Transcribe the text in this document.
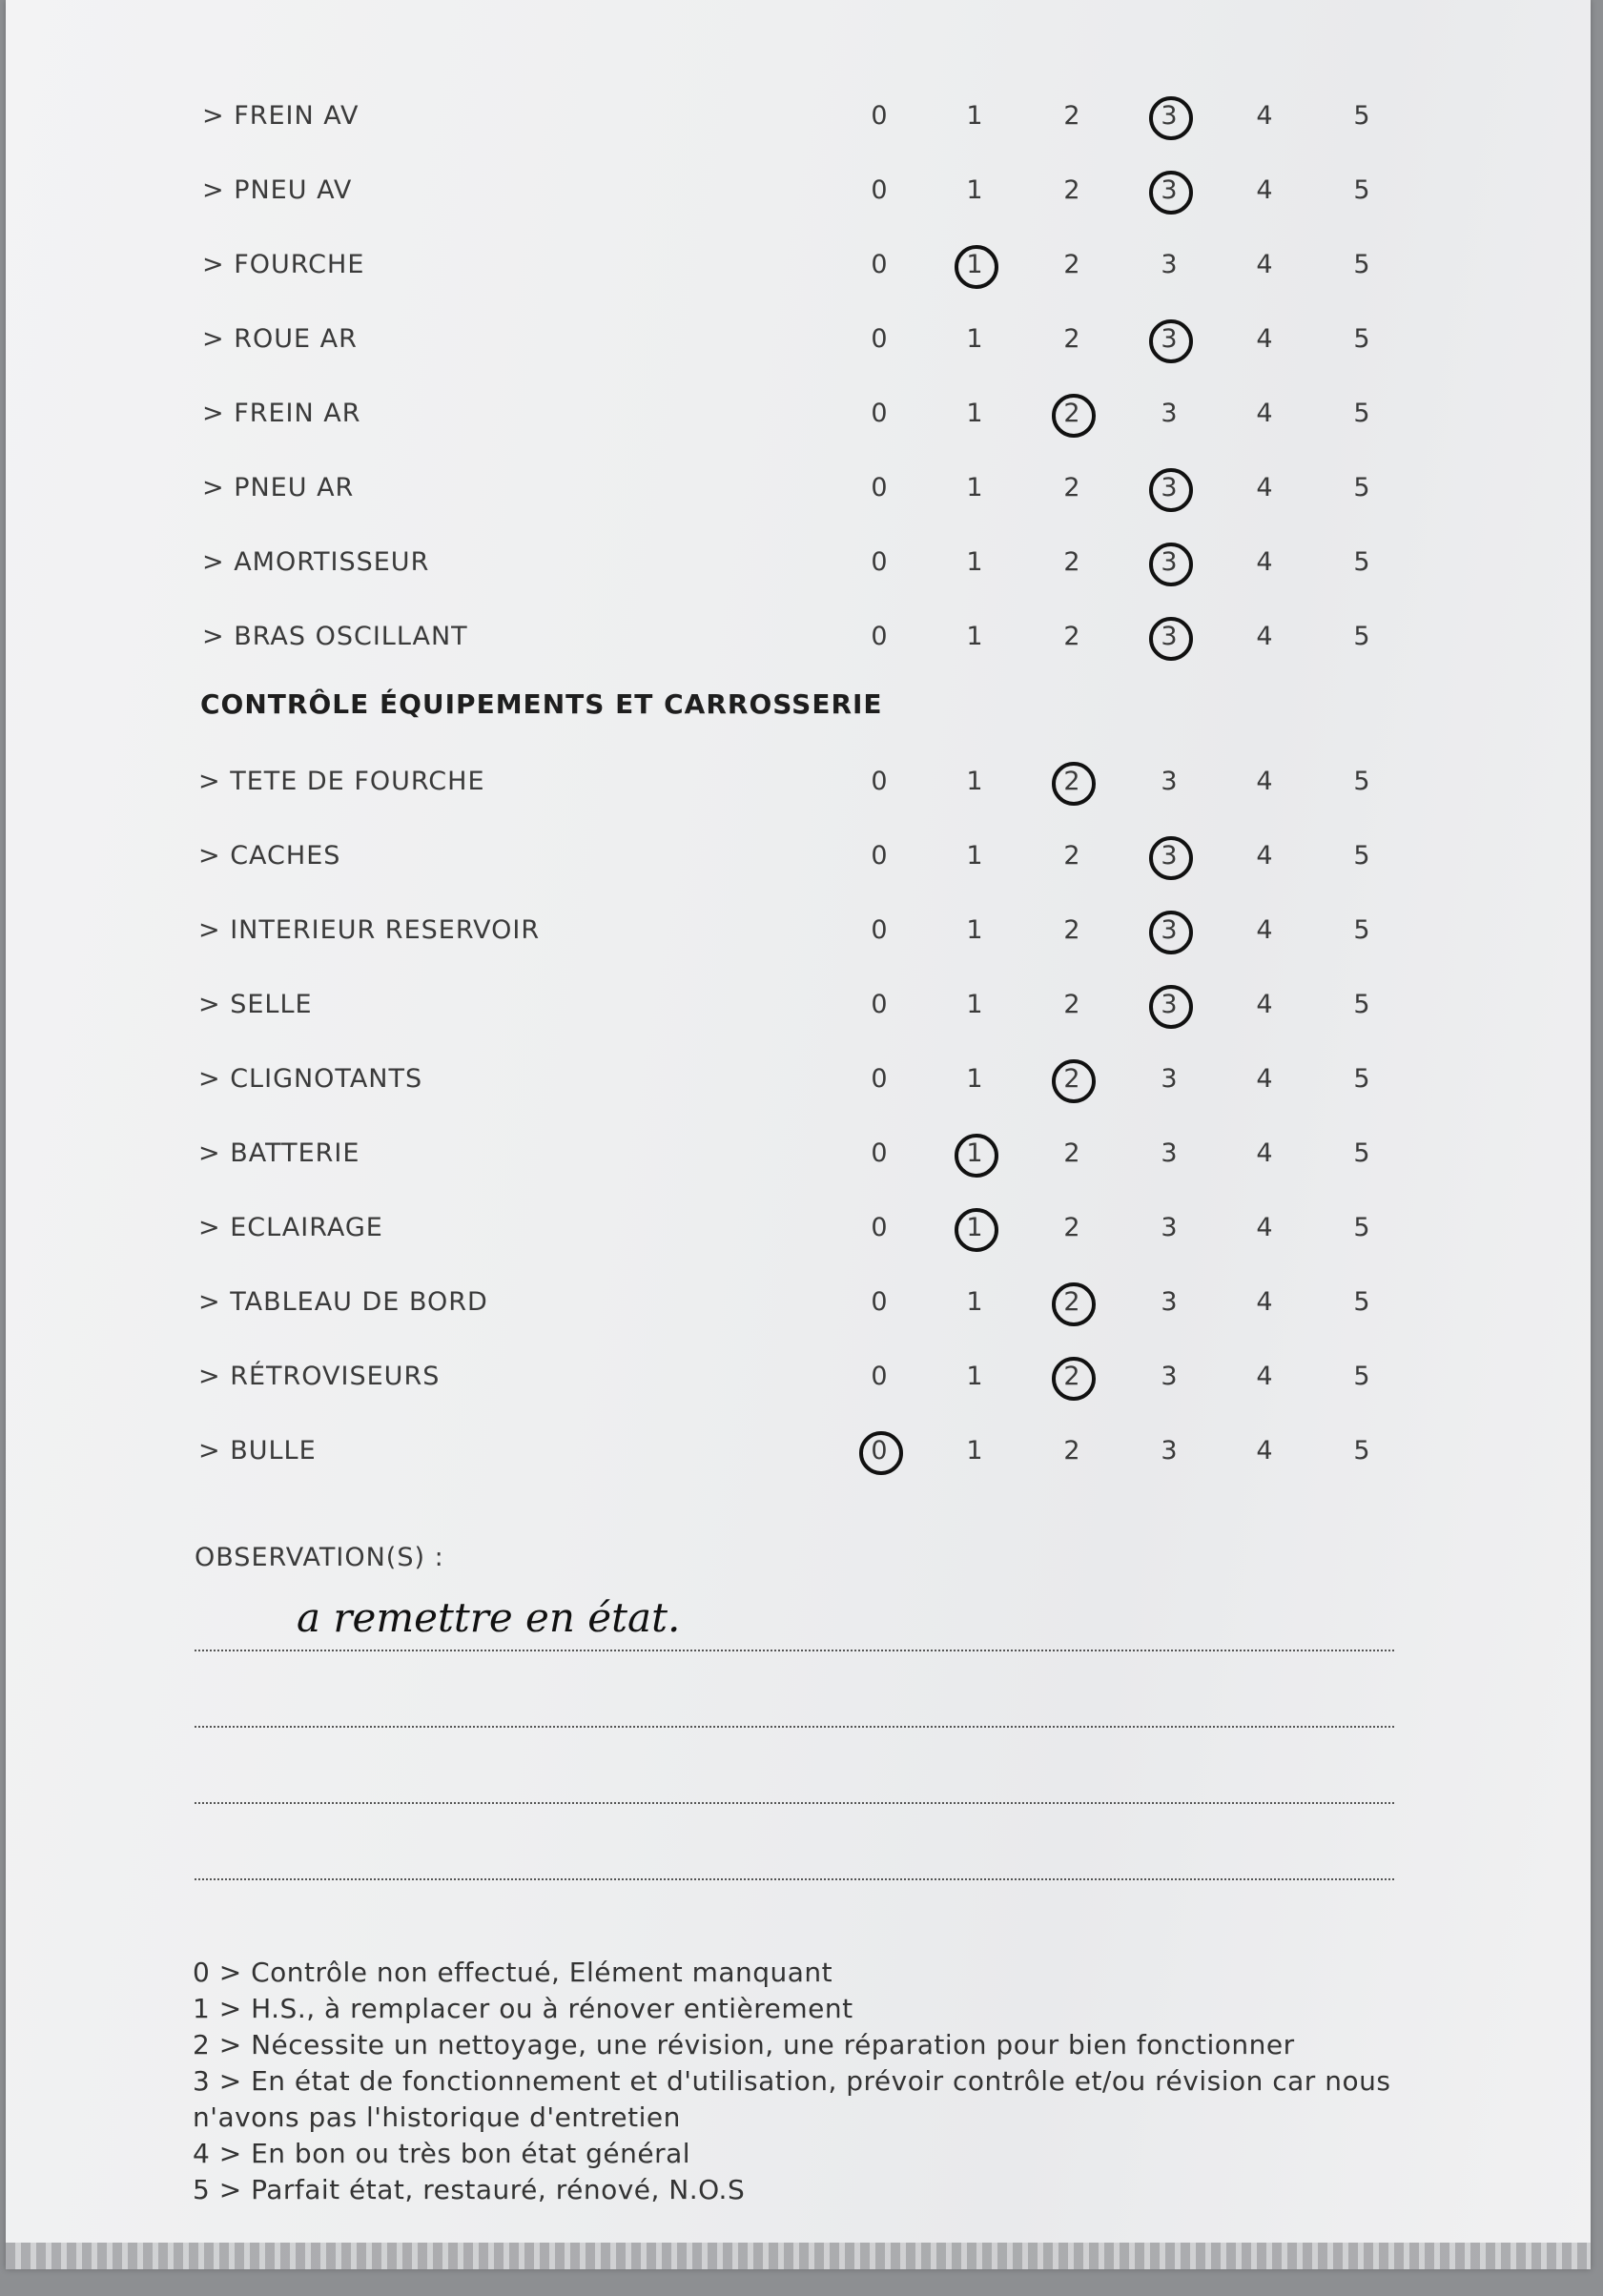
> FREIN AV	0	1	2	3	4	5
> PNEU AV	0	1	2	3	4	5
> FOURCHE	0	1	2	3	4	5
> ROUE AR	0	1	2	3	4	5
> FREIN AR	0	1	2	3	4	5
> PNEU AR	0	1	2	3	4	5
> AMORTISSEUR	0	1	2	3	4	5
> BRAS OSCILLANT	0	1	2	3	4	5
CONTRÔLE ÉQUIPEMENTS ET CARROSSERIE
> TETE DE FOURCHE	0	1	2	3	4	5
> CACHES	0	1	2	3	4	5
> INTERIEUR RESERVOIR	0	1	2	3	4	5
> SELLE	0	1	2	3	4	5
> CLIGNOTANTS	0	1	2	3	4	5
> BATTERIE	0	1	2	3	4	5
> ECLAIRAGE	0	1	2	3	4	5
> TABLEAU DE BORD	0	1	2	3	4	5
> RÉTROVISEURS	0	1	2	3	4	5
> BULLE	0	1	2	3	4	5
OBSERVATION(S) :
a remettre en état.
0 > Contrôle non effectué, Elément manquant
1 > H.S., à remplacer ou à rénover entièrement
2 > Nécessite un nettoyage, une révision, une réparation pour bien fonctionner
3 > En état de fonctionnement et d'utilisation, prévoir contrôle et/ou révision car nous
n'avons pas l'historique d'entretien
4 > En bon ou très bon état général
5 > Parfait état, restauré, rénové, N.O.S
